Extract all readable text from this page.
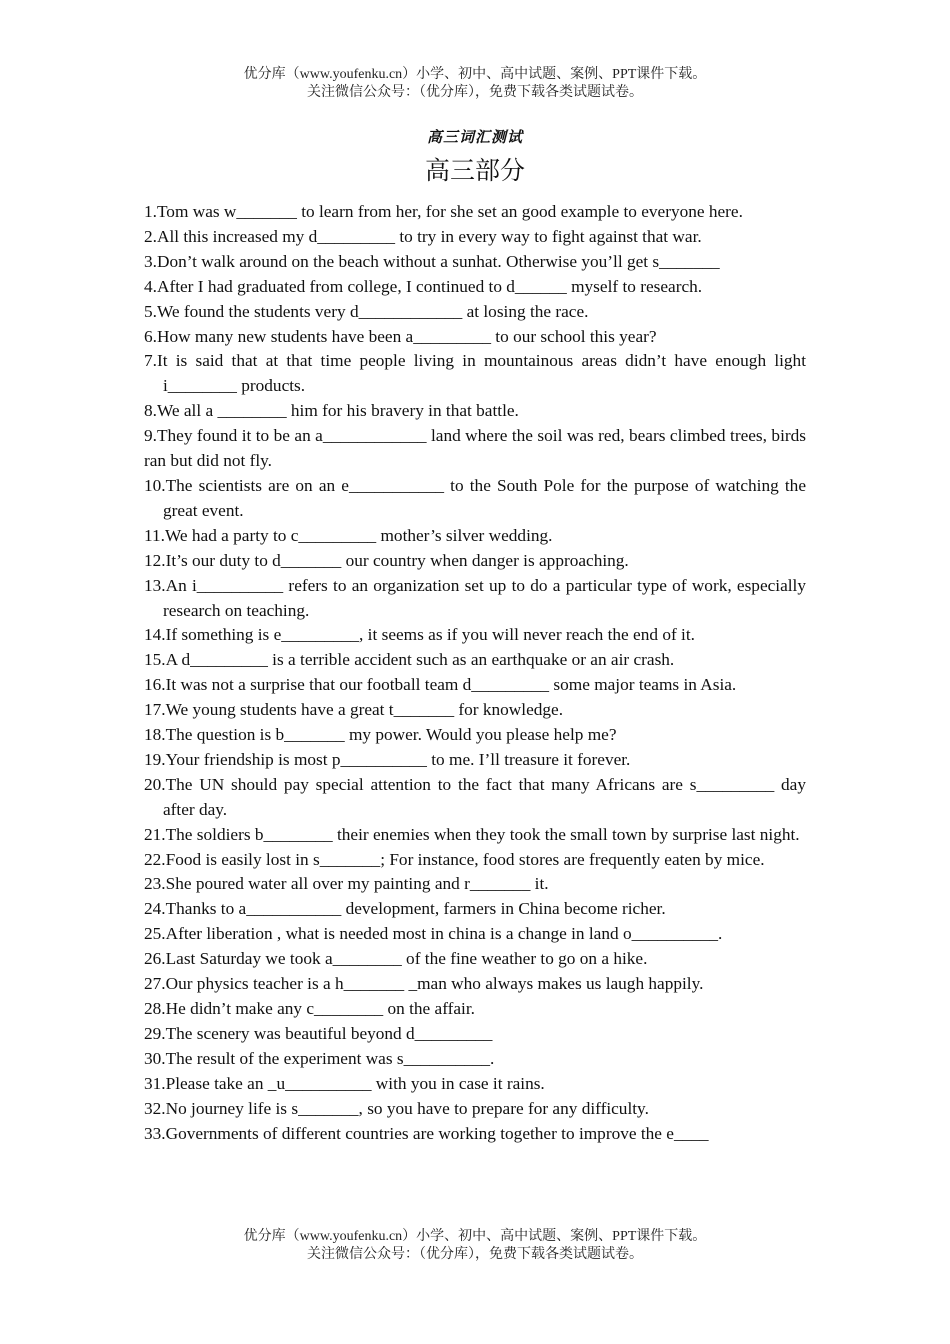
优分库（www.youfenku.cn）小学、初中、高中试题、案例、PPT课件下载。
关注微信公众号：（优分库），免费下载各类试题试卷。
高三词汇测试
高三部分
1.Tom was w_______ to learn from her, for she set an good example to everyone here.
2.All this increased my d_________ to try in every way to fight against that war.
3.Don’t walk around on the beach without a sunhat. Otherwise you’ll get s_______
4.After I had graduated from college, I continued to d______ myself to research.
5.We found the students very d____________ at losing the race.
6.How many new students have been a_________ to our school this year?
7.It is said that at that time people living in mountainous areas didn’t have enough light i________ products.
8.We all a ________ him for his bravery in that battle.
9.They found it to be an a____________ land where the soil was red, bears climbed trees, birds ran but did not fly.
10.The scientists are on an e___________ to the South Pole for the purpose of watching the great event.
11.We had a party to c_________ mother’s silver wedding.
12.It’s our duty to d_______ our country when danger is approaching.
13.An i__________ refers to an organization set up to do a particular type of work, especially research on teaching.
14.If something is e_________, it seems as if you will never reach the end of it.
15.A d_________ is a terrible accident such as an earthquake or an air crash.
16.It was not a surprise that our football team d_________ some major teams in Asia.
17.We young students have a great t_______ for knowledge.
18.The question is b_______ my power. Would you please help me?
19.Your friendship is most p__________ to me. I’ll treasure it forever.
20.The UN should pay special attention to the fact that many Africans are s_________ day after day.
21.The soldiers b________ their enemies when they took the small town by surprise last night.
22.Food is easily lost in s_______; For instance, food stores are frequently eaten by mice.
23.She poured water all over my painting and r_______ it.
24.Thanks to a___________ development, farmers in China become richer.
25.After liberation , what is needed most in china is a change in land o__________.
26.Last Saturday we took a________ of the fine weather to go on a hike.
27.Our physics teacher is a h_______ _man who always makes us laugh happily.
28.He didn’t make any c________ on the affair.
29.The scenery was beautiful beyond d_________
30.The result of the experiment was s__________.
31.Please take an _u__________ with you in case it rains.
32.No journey life is s_______, so you have to prepare for any difficulty.
33.Governments of different countries are working together to improve the e____
优分库（www.youfenku.cn）小学、初中、高中试题、案例、PPT课件下载。
关注微信公众号：（优分库），免费下载各类试题试卷。
